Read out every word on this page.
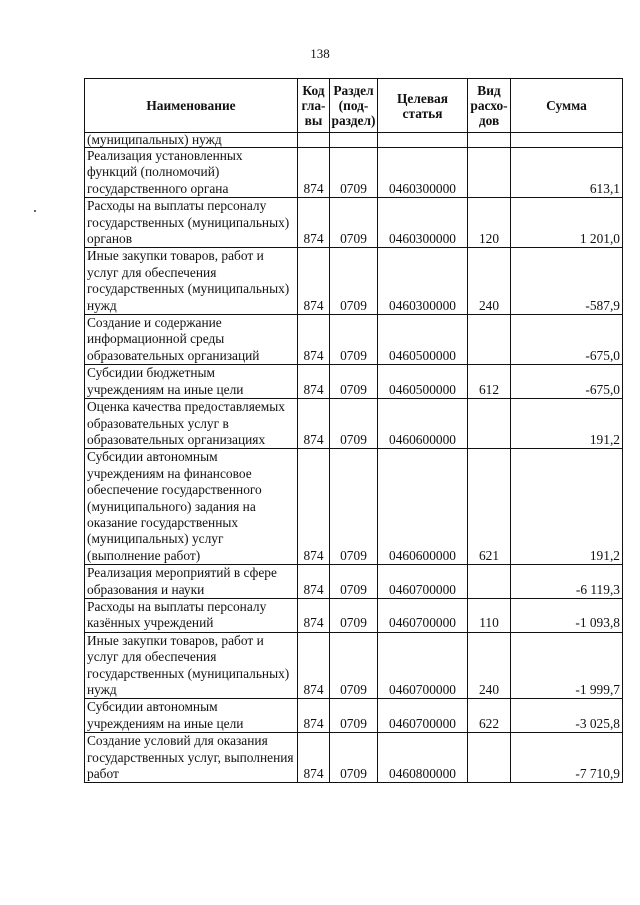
138
Наименование	Код гла- вы	Раздел (под- раздел)	Целевая статья	Вид расхо- дов	Сумма
(муниципальных) нужд					
Реализация установленных функций (полномочий) государственного органа	874	0709	0460300000		613,1
Расходы на выплаты персоналу государственных (муниципальных) органов	874	0709	0460300000	120	1 201,0
Иные закупки товаров, работ и услуг для обеспечения государственных (муниципальных) нужд	874	0709	0460300000	240	-587,9
Создание и содержание информационной среды образовательных организаций	874	0709	0460500000		-675,0
Субсидии бюджетным учреждениям на иные цели	874	0709	0460500000	612	-675,0
Оценка качества предоставляемых образовательных услуг в образовательных организациях	874	0709	0460600000		191,2
Субсидии автономным учреждениям на финансовое обеспечение государственного (муниципального) задания на оказание государственных (муниципальных) услуг (выполнение работ)	874	0709	0460600000	621	191,2
Реализация мероприятий в сфере образования и науки	874	0709	0460700000		-6 119,3
Расходы на выплаты персоналу казённых учреждений	874	0709	0460700000	110	-1 093,8
Иные закупки товаров, работ и услуг для обеспечения государственных (муниципальных) нужд	874	0709	0460700000	240	-1 999,7
Субсидии автономным учреждениям на иные цели	874	0709	0460700000	622	-3 025,8
Создание условий для оказания государственных услуг, выполнения работ	874	0709	0460800000		-7 710,9
